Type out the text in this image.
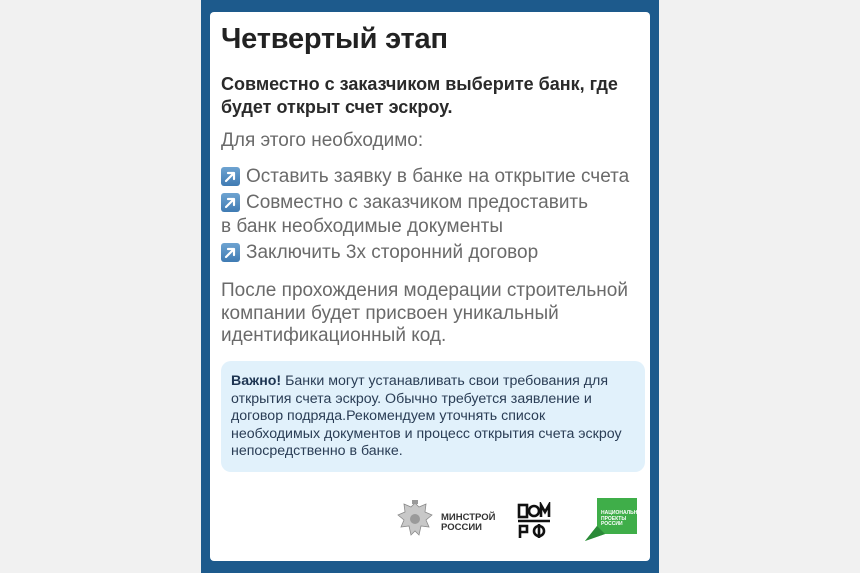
Четвертый этап
Совместно с заказчиком выберите банк, где будет открыт счет эскроу.
Для этого необходимо:
Оставить заявку в банке на открытие счета
Совместно с заказчиком предоставить
в банк необходимые документы
Заключить 3х сторонний договор
После прохождения модерации строительной компании будет присвоен уникальный идентификационный код.
Важно! Банки могут устанавливать свои требования для открытия счета эскроу. Обычно требуется заявление и договор подряда.Рекомендуем уточнять список необходимых документов и процесс открытия счета эскроу непосредственно в банке.
МИНСТРОЙ
РОССИИ
НАЦИОНАЛЬНЫЕ
ПРОЕКТЫ
РОССИИ
